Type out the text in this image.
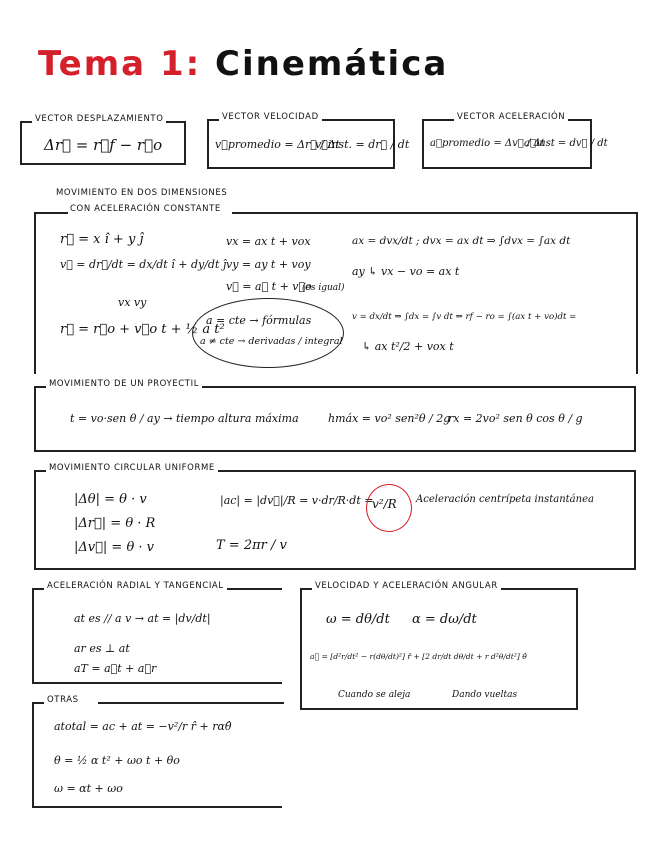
Tema 1: Cinemática
VECTOR DESPLAZAMIENTO
Δr⃗ = r⃗f − r⃗o
VECTOR VELOCIDAD
v⃗promedio = Δr⃗ / Δt
v⃗inst. = dr⃗ / dt
VECTOR ACELERACIÓN
a⃗promedio = Δv⃗ / Δt
a⃗inst = dv⃗ / dt
MOVIMIENTO EN DOS DIMENSIONES
CON ACELERACIÓN CONSTANTE
r⃗ = x î + y ĵ
v⃗ = dr⃗/dt = dx/dt î + dy/dt ĵ
vx vy
r⃗ = r⃗o + v⃗o t + ½ a t²
vx = ax t + vox
vy = ay t + voy
v⃗ = a⃗ t + v⃗o
(es igual)
a = cte → fórmulas
a ≠ cte → derivadas / integral
ax = dvx/dt ; dvx = ax dt ⇒ ∫dvx = ∫ax dt
ay ↳ vx − vo = ax t
v = dx/dt ⇒ ∫dx = ∫v dt ⇒ rf − ro = ∫(ax t + vo)dt =
↳ ax t²/2 + vox t
MOVIMIENTO DE UN PROYECTIL
t = vo·sen θ / ay → tiempo altura máxima	hmáx = vo² sen²θ / 2g
rx = 2vo² sen θ cos θ / g
MOVIMIENTO CIRCULAR UNIFORME
|Δθ| = θ · v
|Δr⃗| = θ · R
|Δv⃗| = θ · v
|ac| = |dv⃗|/R = v·dr/R·dt =
v²/R Aceleración centrípeta instantánea
T = 2πr / v
ACELERACIÓN RADIAL Y TANGENCIAL
at es // a v → at = |dv/dt|
ar es ⊥ at
aT = a⃗t + a⃗r
VELOCIDAD Y ACELERACIÓN ANGULAR
ω = dθ/dt α = dω/dt
a⃗ = [d²r/dt² − r(dθ/dt)²] r̂ + [2 dr/dt dθ/dt + r d²θ/dt²] θ̂
Cuando se aleja	Dando vueltas
OTRAS
atotal = ac + at = −v²/r r̂ + rαθ̂
θ = ½ α t² + ωo t + θo
ω = αt + ωo
